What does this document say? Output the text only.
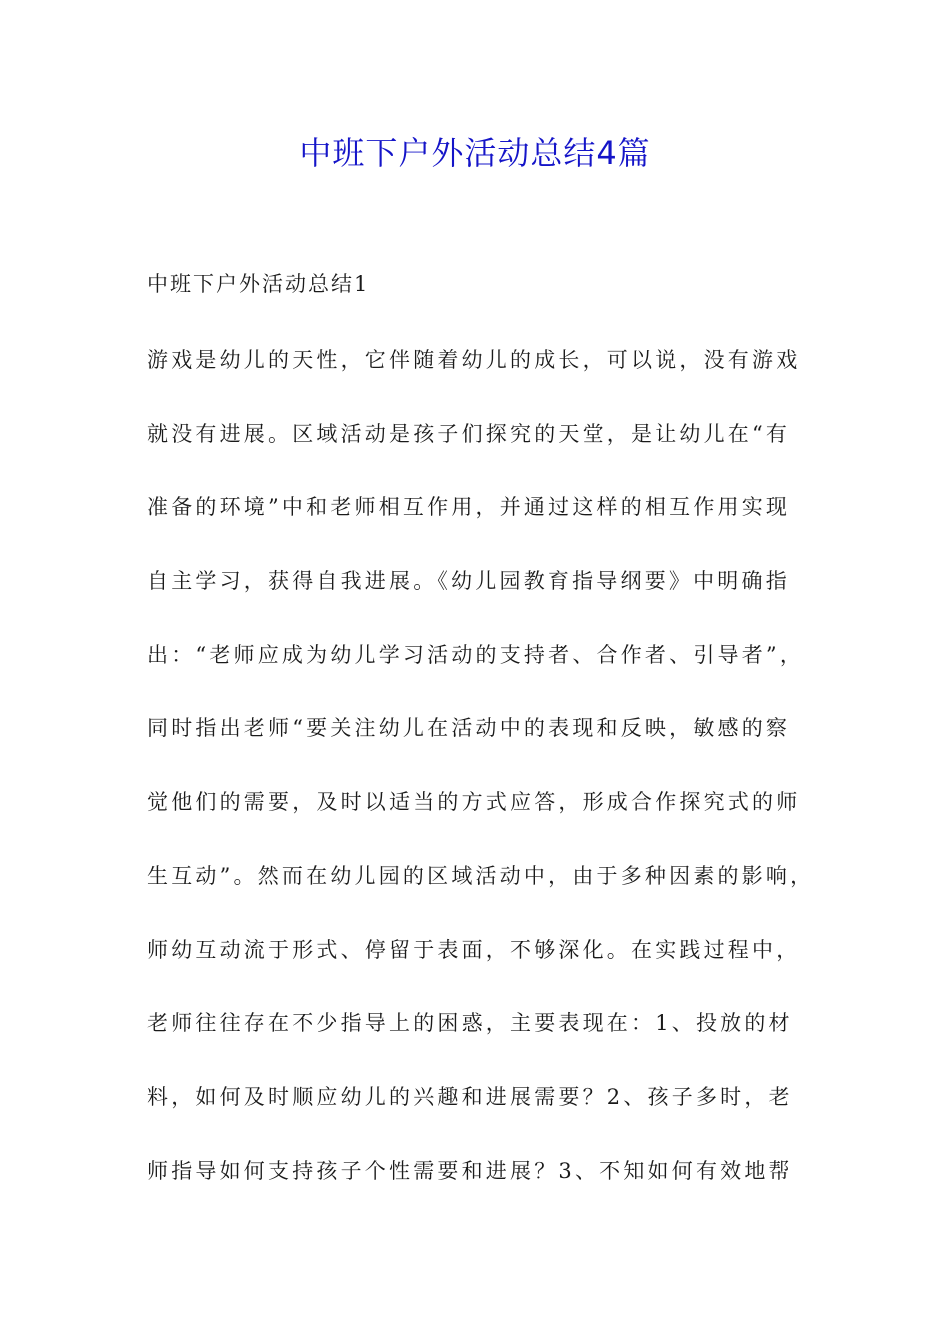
中班下户外活动总结4篇
中班下户外活动总结1
游戏是幼儿的天性，它伴随着幼儿的成长，可以说，没有游戏
就没有进展。区域活动是孩子们探究的天堂，是让幼儿在“有
准备的环境”中和老师相互作用，并通过这样的相互作用实现
自主学习，获得自我进展。《幼儿园教育指导纲要》中明确指
出：“老师应成为幼儿学习活动的支持者、合作者、引导者”，
同时指出老师“要关注幼儿在活动中的表现和反映，敏感的察
觉他们的需要，及时以适当的方式应答，形成合作探究式的师
生互动”。然而在幼儿园的区域活动中，由于多种因素的影响，
师幼互动流于形式、停留于表面，不够深化。在实践过程中，
老师往往存在不少指导上的困惑，主要表现在：1、投放的材
料，如何及时顺应幼儿的兴趣和进展需要？2、孩子多时，老
师指导如何支持孩子个性需要和进展？3、不知如何有效地帮
